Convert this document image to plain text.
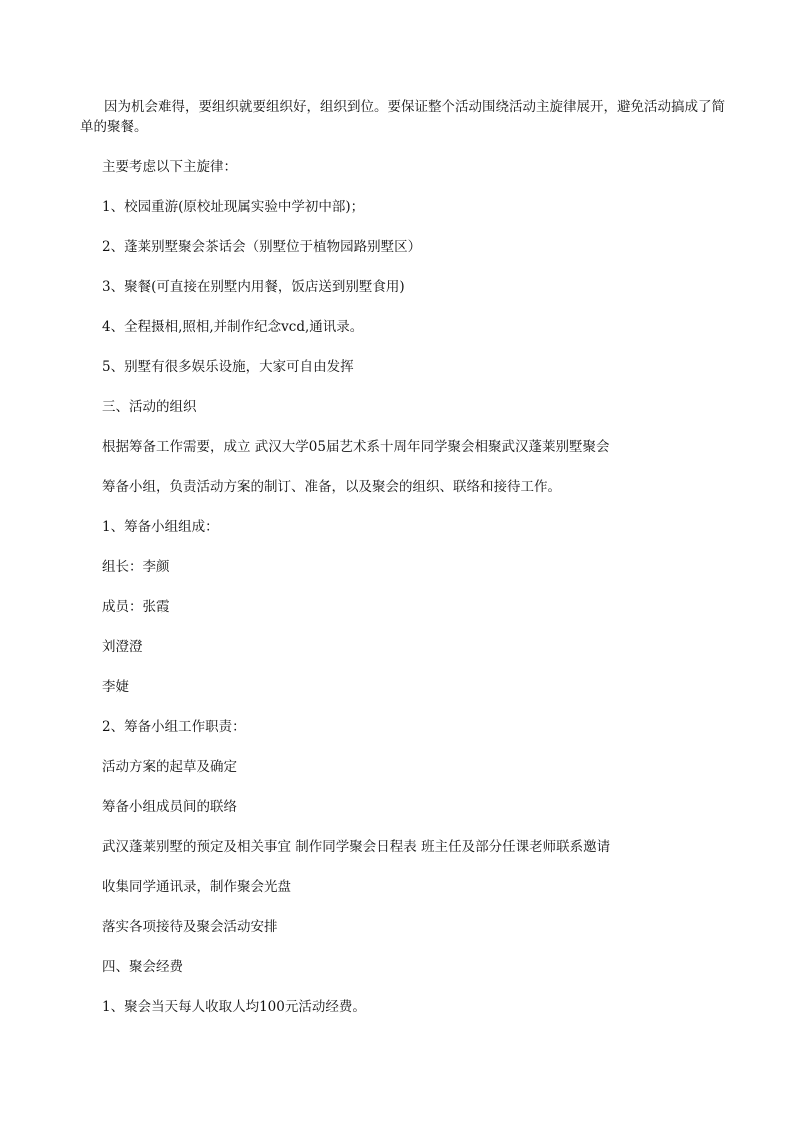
因为机会难得，要组织就要组织好，组织到位。要保证整个活动围绕活动主旋律展开，避免活动搞成了简单的聚餐。
主要考虑以下主旋律：
1、校园重游(原校址现属实验中学初中部)；
2、蓬莱别墅聚会茶话会（别墅位于植物园路别墅区）
3、聚餐(可直接在别墅内用餐，饭店送到别墅食用)
4、全程摄相,照相,并制作纪念vcd,通讯录。
5、别墅有很多娱乐设施，大家可自由发挥
三、活动的组织
根据筹备工作需要，成立 武汉大学05届艺术系十周年同学聚会相聚武汉蓬莱别墅聚会
筹备小组，负责活动方案的制订、准备，以及聚会的组织、联络和接待工作。
1、筹备小组组成：
组长：李颜
成员：张霞
刘澄澄
李婕
2、筹备小组工作职责：
活动方案的起草及确定
筹备小组成员间的联络
武汉蓬莱别墅的预定及相关事宜 制作同学聚会日程表 班主任及部分任课老师联系邀请
收集同学通讯录，制作聚会光盘
落实各项接待及聚会活动安排
四、聚会经费
1、聚会当天每人收取人均100元活动经费。
